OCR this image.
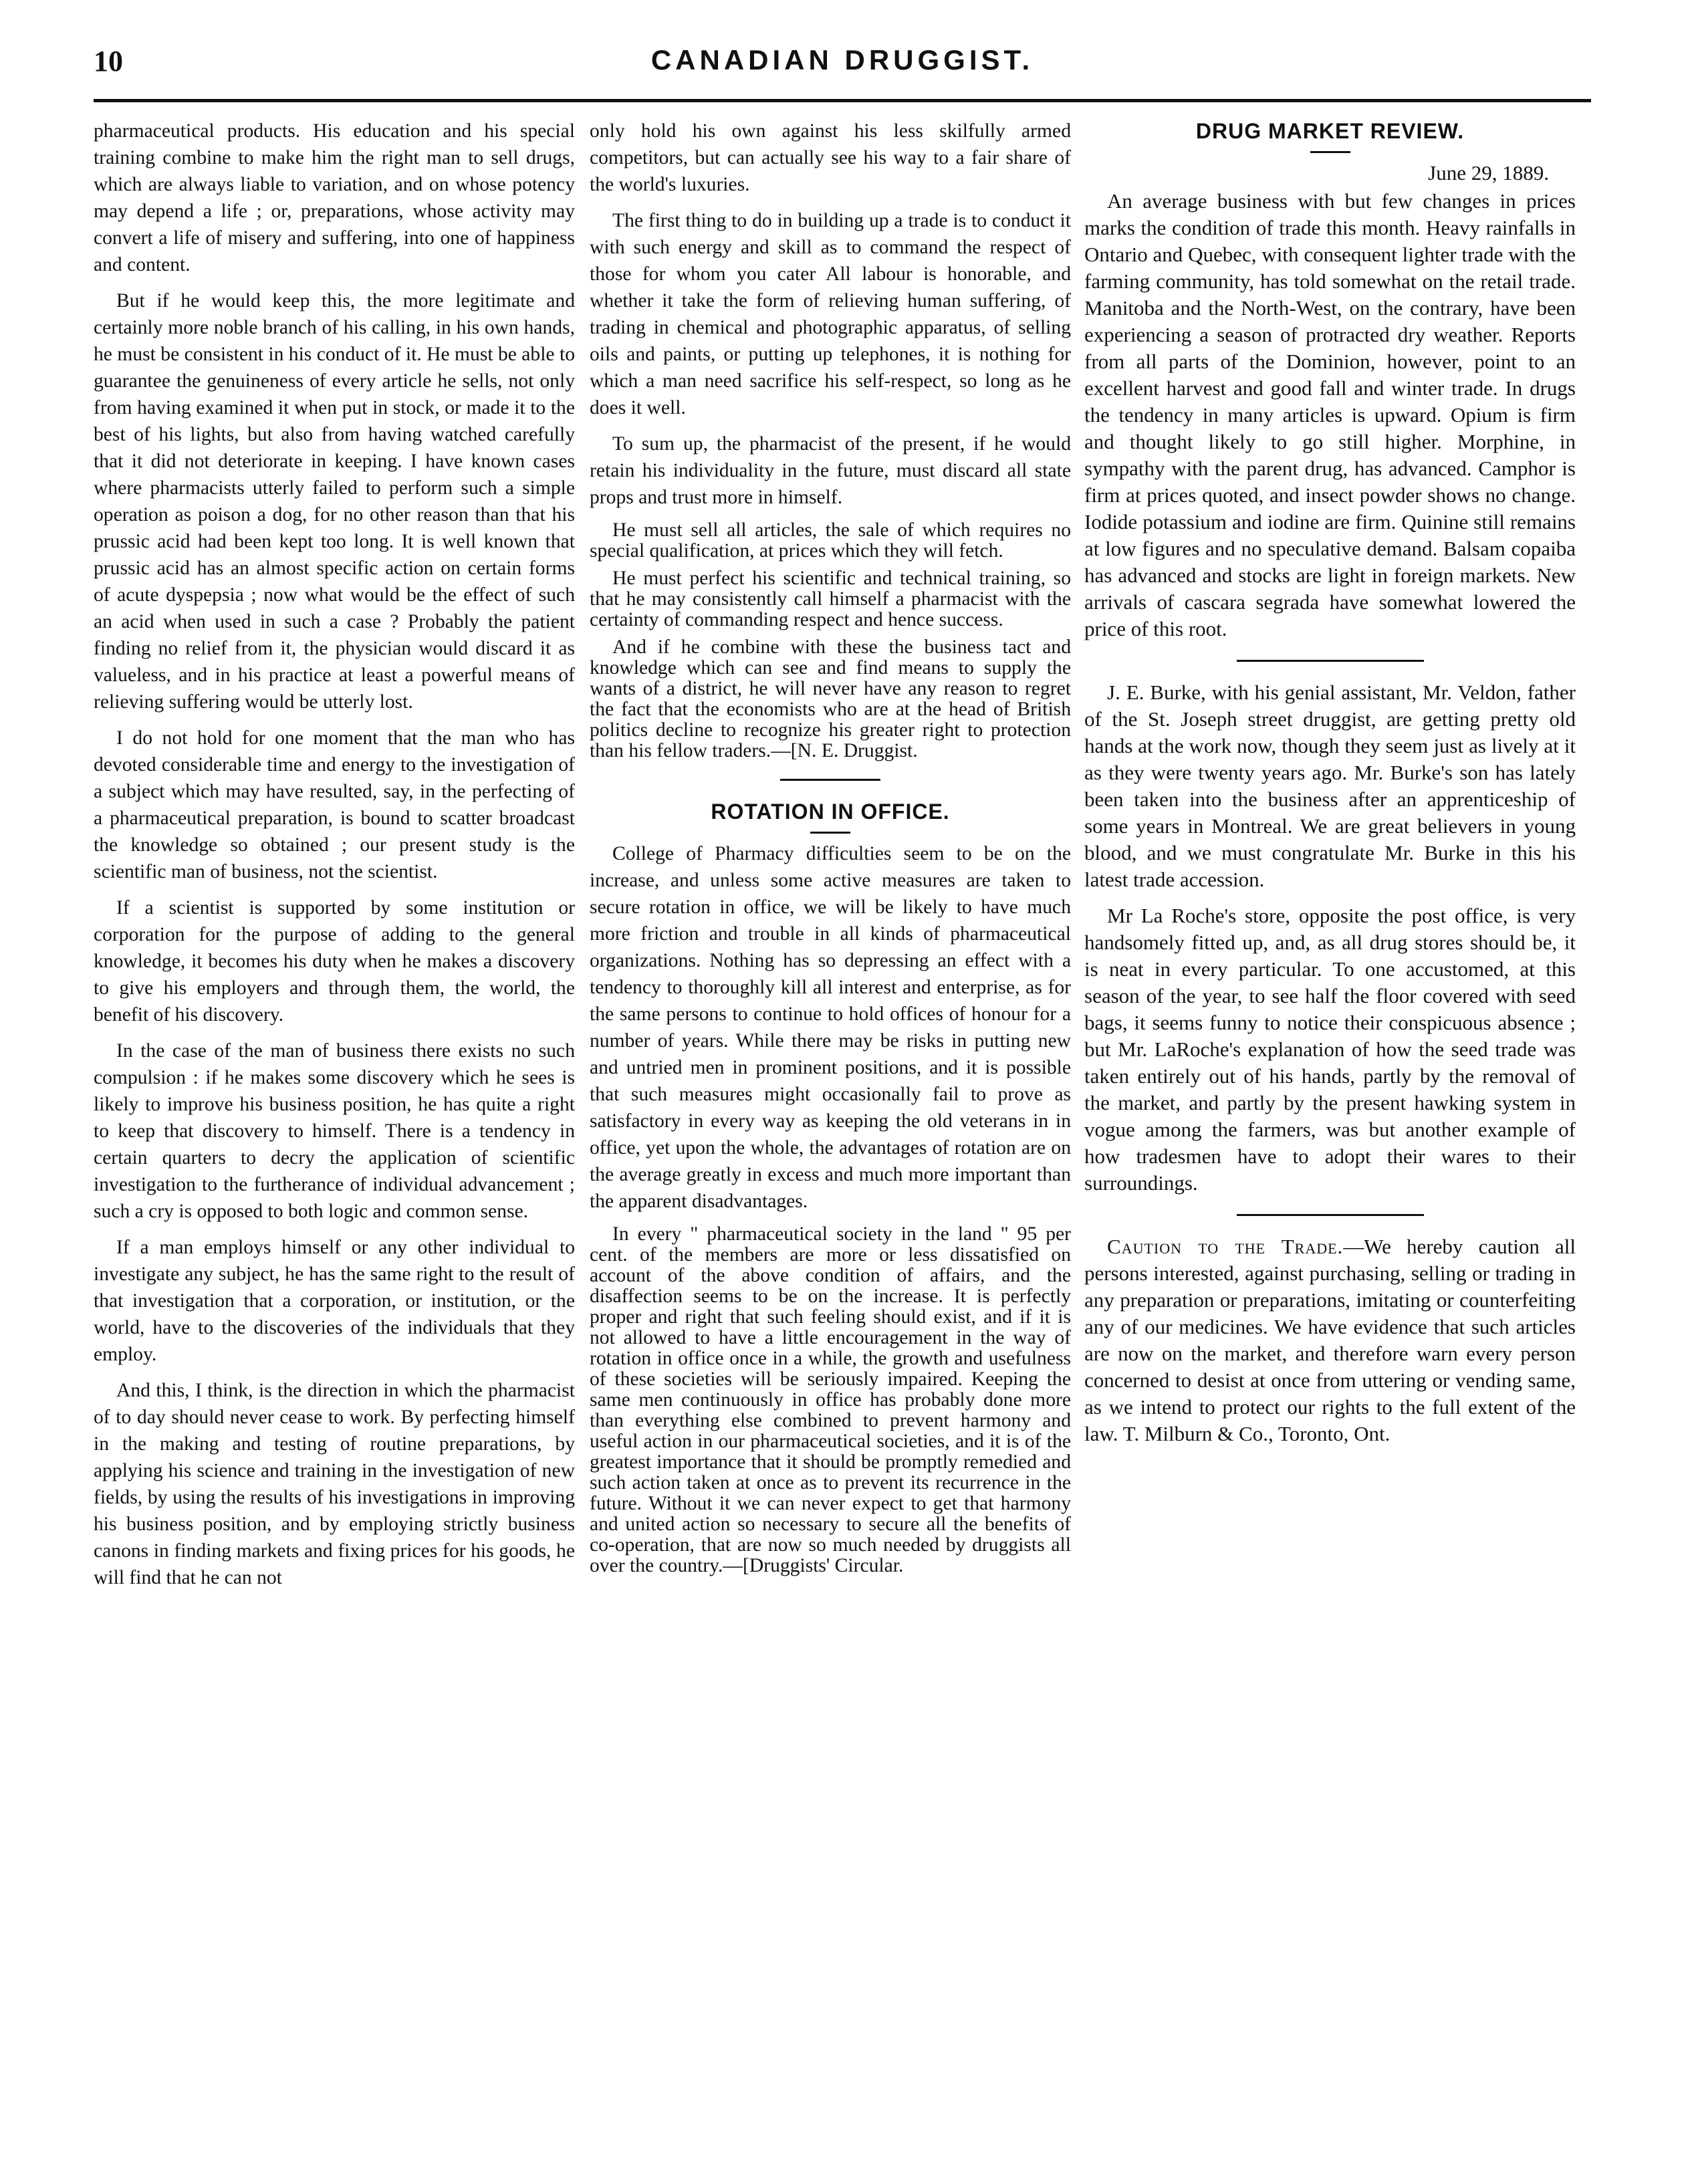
10	CANADIAN DRUGGIST.

pharmaceutical products. His education and his special training combine to make him the right man to sell drugs, which are always liable to variation, and on whose potency may depend a life ; or, preparations, whose activity may convert a life of misery and suffering, into one of happiness and content.

But if he would keep this, the more legitimate and certainly more noble branch of his calling, in his own hands, he must be consistent in his conduct of it. He must be able to guarantee the genuineness of every article he sells, not only from having examined it when put in stock, or made it to the best of his lights, but also from having watched carefully that it did not deteriorate in keeping. I have known cases where pharmacists utterly failed to perform such a simple operation as poison a dog, for no other reason than that his prussic acid had been kept too long. It is well known that prussic acid has an almost specific action on certain forms of acute dyspepsia ; now what would be the effect of such an acid when used in such a case ? Probably the patient finding no relief from it, the physician would discard it as valueless, and in his practice at least a powerful means of relieving suffering would be utterly lost.

I do not hold for one moment that the man who has devoted considerable time and energy to the investigation of a subject which may have resulted, say, in the perfecting of a pharmaceutical preparation, is bound to scatter broadcast the knowledge so obtained ; our present study is the scientific man of business, not the scientist.

If a scientist is supported by some institution or corporation for the purpose of adding to the general knowledge, it becomes his duty when he makes a discovery to give his employers and through them, the world, the benefit of his discovery.

In the case of the man of business there exists no such compulsion : if he makes some discovery which he sees is likely to improve his business position, he has quite a right to keep that discovery to himself. There is a tendency in certain quarters to decry the application of scientific investigation to the furtherance of individual advancement ; such a cry is opposed to both logic and common sense.

If a man employs himself or any other individual to investigate any subject, he has the same right to the result of that investigation that a corporation, or institution, or the world, have to the discoveries of the individuals that they employ.

And this, I think, is the direction in which the pharmacist of to day should never cease to work. By perfecting himself in the making and testing of routine preparations, by applying his science and training in the investigation of new fields, by using the results of his investigations in improving his business position, and by employing strictly business canons in finding markets and fixing prices for his goods, he will find that he can not

only hold his own against his less skilfully armed competitors, but can actually see his way to a fair share of the world's luxuries.

The first thing to do in building up a trade is to conduct it with such energy and skill as to command the respect of those for whom you cater All labour is honorable, and whether it take the form of relieving human suffering, of trading in chemical and photographic apparatus, of selling oils and paints, or putting up telephones, it is nothing for which a man need sacrifice his self-respect, so long as he does it well.

To sum up, the pharmacist of the present, if he would retain his individuality in the future, must discard all state props and trust more in himself.

He must sell all articles, the sale of which requires no special qualification, at prices which they will fetch.

He must perfect his scientific and technical training, so that he may consistently call himself a pharmacist with the certainty of commanding respect and hence success.

And if he combine with these the business tact and knowledge which can see and find means to supply the wants of a district, he will never have any reason to regret the fact that the economists who are at the head of British politics decline to recognize his greater right to protection than his fellow traders.—[N. E. Druggist.

ROTATION IN OFFICE.

College of Pharmacy difficulties seem to be on the increase, and unless some active measures are taken to secure rotation in office, we will be likely to have much more friction and trouble in all kinds of pharmaceutical organizations. Nothing has so depressing an effect with a tendency to thoroughly kill all interest and enterprise, as for the same persons to continue to hold offices of honour for a number of years. While there may be risks in putting new and untried men in prominent positions, and it is possible that such measures might occasionally fail to prove as satisfactory in every way as keeping the old veterans in in office, yet upon the whole, the advantages of rotation are on the average greatly in excess and much more important than the apparent disadvantages.

In every " pharmaceutical society in the land " 95 per cent. of the members are more or less dissatisfied on account of the above condition of affairs, and the disaffection seems to be on the increase. It is perfectly proper and right that such feeling should exist, and if it is not allowed to have a little encouragement in the way of rotation in office once in a while, the growth and usefulness of these societies will be seriously impaired. Keeping the same men continuously in office has probably done more than everything else combined to prevent harmony and useful action in our pharmaceutical societies, and it is of the greatest importance that it should be promptly remedied and such action taken at once as to prevent its recurrence in the future. Without it we can never expect to get that harmony and united action so necessary to secure all the benefits of co-operation, that are now so much needed by druggists all over the country.—[Druggists' Circular.

DRUG MARKET REVIEW.

June 29, 1889.

An average business with but few changes in prices marks the condition of trade this month. Heavy rainfalls in Ontario and Quebec, with consequent lighter trade with the farming community, has told somewhat on the retail trade. Manitoba and the North-West, on the contrary, have been experiencing a season of protracted dry weather. Reports from all parts of the Dominion, however, point to an excellent harvest and good fall and winter trade. In drugs the tendency in many articles is upward. Opium is firm and thought likely to go still higher. Morphine, in sympathy with the parent drug, has advanced. Camphor is firm at prices quoted, and insect powder shows no change. Iodide potassium and iodine are firm. Quinine still remains at low figures and no speculative demand. Balsam copaiba has advanced and stocks are light in foreign markets. New arrivals of cascara segrada have somewhat lowered the price of this root.

J. E. Burke, with his genial assistant, Mr. Veldon, father of the St. Joseph street druggist, are getting pretty old hands at the work now, though they seem just as lively at it as they were twenty years ago. Mr. Burke's son has lately been taken into the business after an apprenticeship of some years in Montreal. We are great believers in young blood, and we must congratulate Mr. Burke in this his latest trade accession.

Mr La Roche's store, opposite the post office, is very handsomely fitted up, and, as all drug stores should be, it is neat in every particular. To one accustomed, at this season of the year, to see half the floor covered with seed bags, it seems funny to notice their conspicuous absence ; but Mr. LaRoche's explanation of how the seed trade was taken entirely out of his hands, partly by the removal of the market, and partly by the present hawking system in vogue among the farmers, was but another example of how tradesmen have to adopt their wares to their surroundings.

Caution to the Trade.—We hereby caution all persons interested, against purchasing, selling or trading in any preparation or preparations, imitating or counterfeiting any of our medicines. We have evidence that such articles are now on the market, and therefore warn every person concerned to desist at once from uttering or vending same, as we intend to protect our rights to the full extent of the law. T. Milburn & Co., Toronto, Ont.
